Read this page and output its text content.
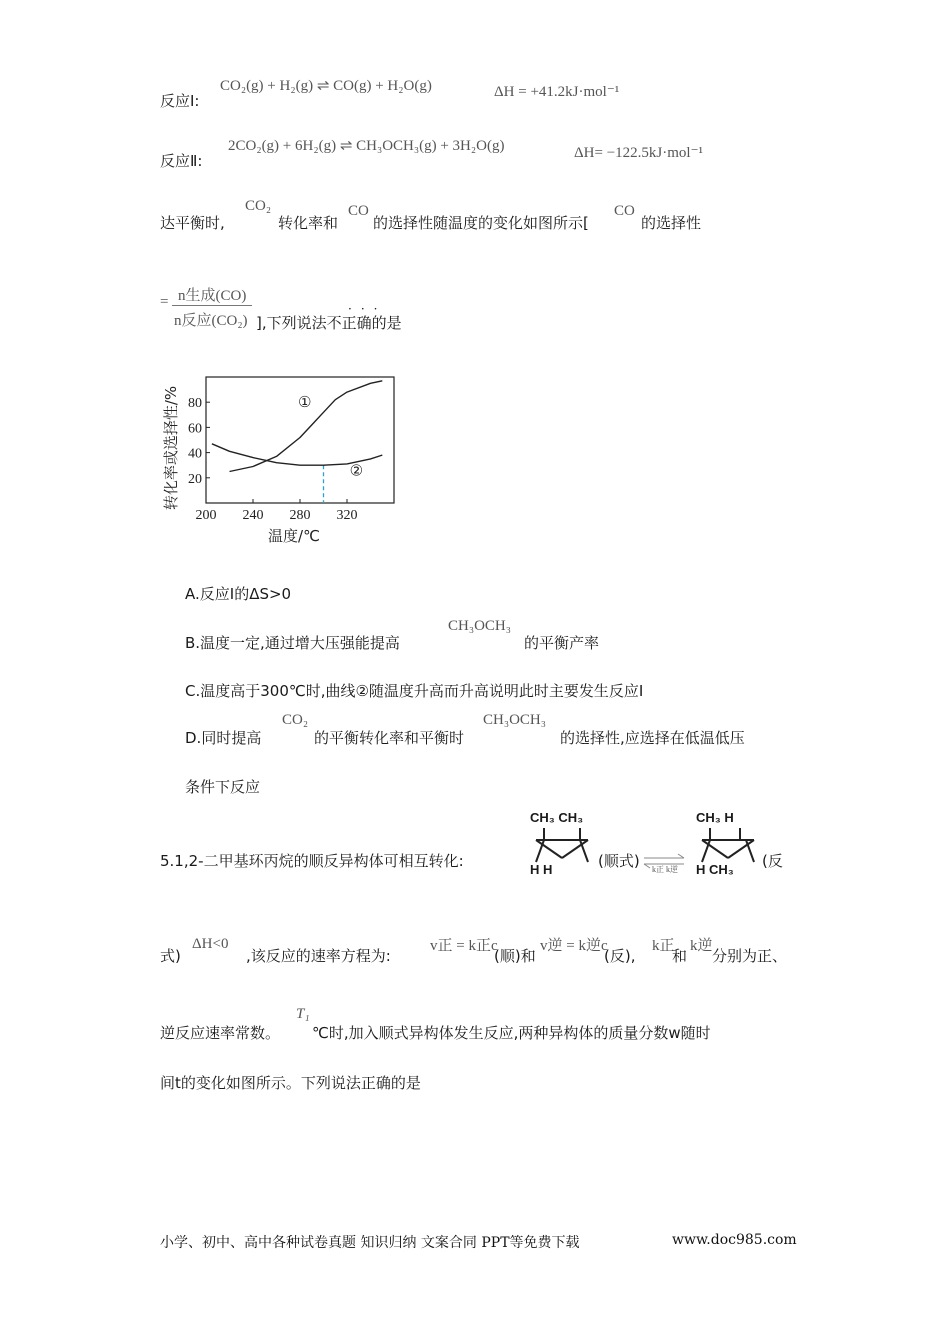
反应Ⅰ:
CO₂(g) + H₂(g) ⇌ CO(g) + H₂O(g)	ΔH = +41.2kJ·mol⁻¹
反应Ⅱ:
2CO₂(g) + 6H₂(g) ⇌ CH₃OCH₃(g) + 3H₂O(g)	ΔH= −122.5kJ·mol⁻¹
达平衡时,
CO₂
转化率和
CO
的选择性随温度的变化如图所示[
CO
的选择性
= n生成(CO)
n反应(CO₂) ],下列说法不正确的是
···
200 240 280 320
20
40
60
80	①
②
温度/℃
转化率或选择性/%
A.反应Ⅰ的ΔS>0
B.温度一定,通过增大压强能提高
CH₃OCH₃
的平衡产率
C.温度高于300℃时,曲线②随温度升高而升高说明此时主要发生反应Ⅰ
D.同时提高
CO₂
的平衡转化率和平衡时
CH₃OCH₃
的选择性,应选择在低温低压
条件下反应
5.1,2-二甲基环丙烷的顺反异构体可相互转化:
CH₃ CH₃
H H	(顺式) ⇌
k正 k逆
CH₃ H
H CH₃ (反
式)
ΔH<0
,该反应的速率方程为:
v正 = k正c
(顺)和
v逆 = k逆c
(反),
k正
和
k逆
分别为正、
逆反应速率常数。
T₁
℃时,加入顺式异构体发生反应,两种异构体的质量分数w随时
间t的变化如图所示。下列说法正确的是
小学、初中、高中各种试卷真题 知识归纳 文案合同 PPT等免费下载	www.doc985.com
